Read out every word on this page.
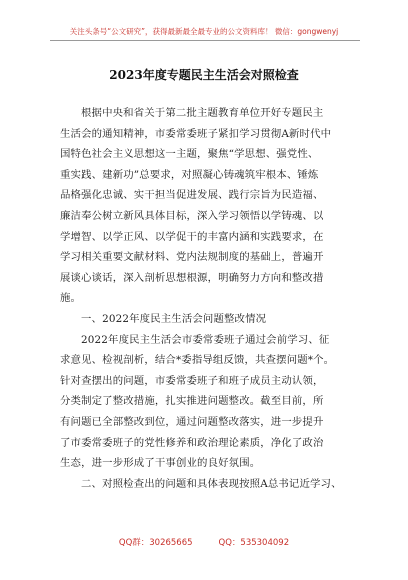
关注头条号“公文研究”，获得最新最全最专业的公文资料库！ 微信：gongwenyj
2023年度专题民主生活会对照检查
根据中央和省关于第二批主题教育单位开好专题民主
生活会的通知精神，市委常委班子紧扣学习贯彻A新时代中
国特色社会主义思想这一主题，聚焦“学思想、强党性、
重实践、建新功”总要求，对照凝心铸魂筑牢根本、锤炼
品格强化忠诚、实干担当促进发展、践行宗旨为民造福、
廉洁奉公树立新风具体目标，深入学习领悟以学铸魂、以
学增智、以学正风、以学促干的丰富内涵和实践要求，在
学习相关重要文献材料、党内法规制度的基础上，普遍开
展谈心谈话，深入剖析思想根源，明确努力方向和整改措
施。
一、2022年度民主生活会问题整改情况
2022年度民主生活会市委常委班子通过会前学习、征
求意见、检视剖析，结合*委指导组反馈，共查摆问题*个。
针对查摆出的问题，市委常委班子和班子成员主动认领，
分类制定了整改措施，扎实推进问题整改。截至目前，所
有问题已全部整改到位，通过问题整改落实，进一步提升
了市委常委班子的党性修养和政治理论素质，净化了政治
生态，进一步形成了干事创业的良好氛围。
二、对照检查出的问题和具体表现按照A总书记近学习、
QQ群：30265665	QQ：535304092
